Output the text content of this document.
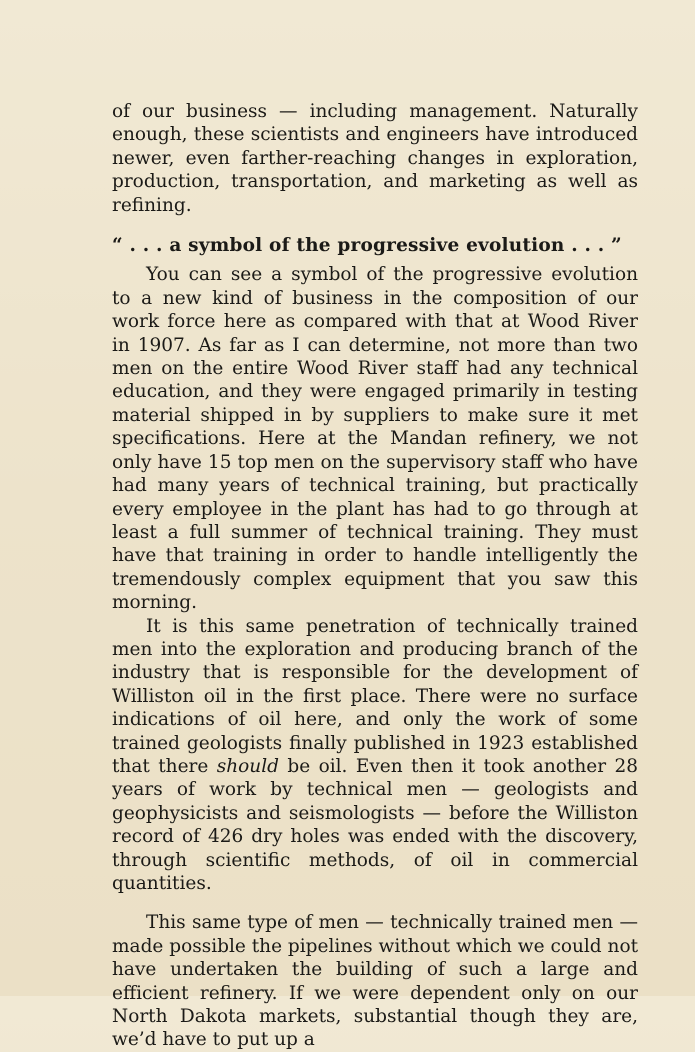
of our business — including management. Naturally enough, these scientists and engineers have introduced newer, even farther-reaching changes in exploration, production, transportation, and marketing as well as refining.

“ . . . a symbol of the progressive evolution . . . ”

You can see a symbol of the progressive evolution to a new kind of business in the composition of our work force here as compared with that at Wood River in 1907. As far as I can determine, not more than two men on the entire Wood River staff had any technical education, and they were engaged primarily in testing material shipped in by suppliers to make sure it met specifications. Here at the Mandan refinery, we not only have 15 top men on the supervisory staff who have had many years of technical training, but practically every employee in the plant has had to go through at least a full summer of technical training. They must have that training in order to handle intelligently the tremendously complex equipment that you saw this morning.

It is this same penetration of technically trained men into the exploration and producing branch of the industry that is responsible for the development of Williston oil in the first place. There were no surface indications of oil here, and only the work of some trained geologists finally published in 1923 established that there should be oil. Even then it took another 28 years of work by technical men — geologists and geophysicists and seismologists — before the Williston record of 426 dry holes was ended with the discovery, through scientific methods, of oil in commercial quantities.

This same type of men — technically trained men — made possible the pipelines without which we could not have undertaken the building of such a large and efficient refinery. If we were dependent only on our North Dakota markets, substantial though they are, we’d have to put up a
